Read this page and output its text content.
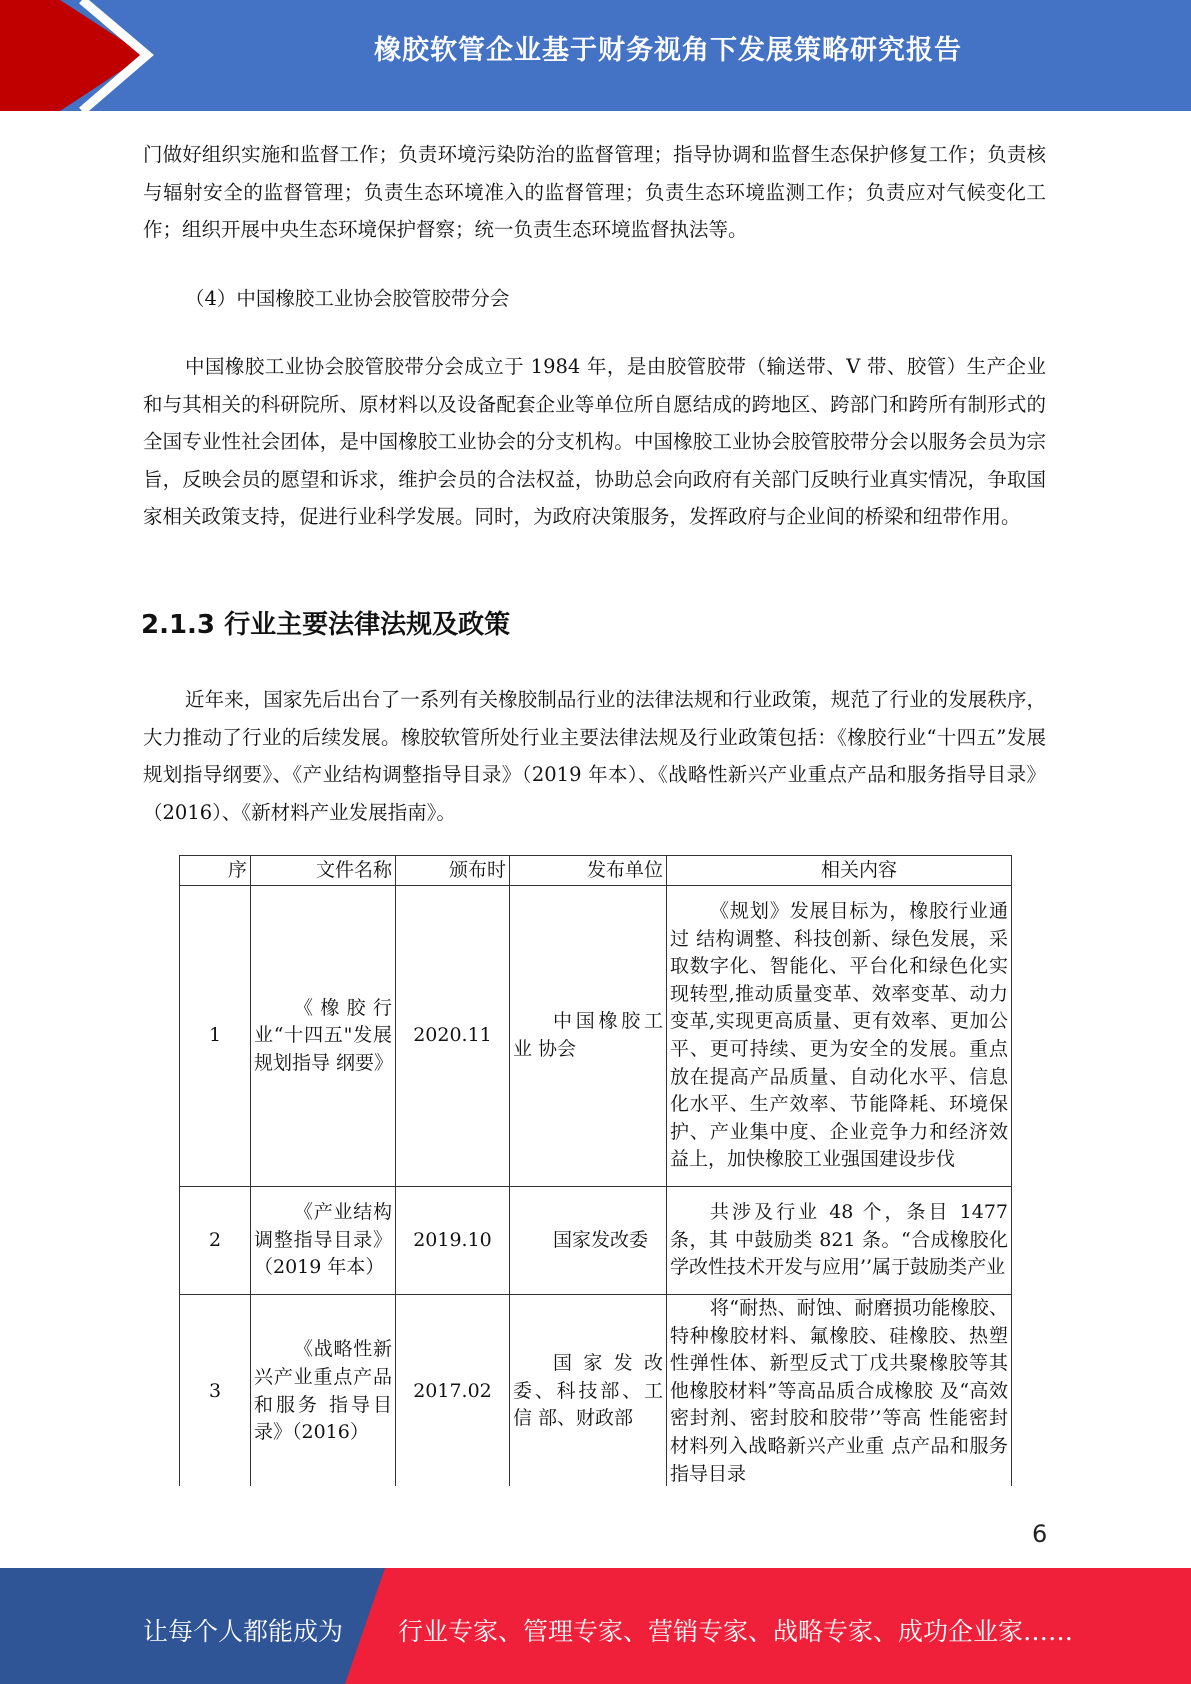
橡胶软管企业基于财务视角下发展策略研究报告

门做好组织实施和监督工作；负责环境污染防治的监督管理；指导协调和监督生态保护修复工作；负责核与辐射安全的监督管理；负责生态环境准入的监督管理；负责生态环境监测工作；负责应对气候变化工作；组织开展中央生态环境保护督察；统一负责生态环境监督执法等。

（4）中国橡胶工业协会胶管胶带分会

中国橡胶工业协会胶管胶带分会成立于 1984 年，是由胶管胶带（输送带、V 带、胶管）生产企业和与其相关的科研院所、原材料以及设备配套企业等单位所自愿结成的跨地区、跨部门和跨所有制形式的全国专业性社会团体，是中国橡胶工业协会的分支机构。中国橡胶工业协会胶管胶带分会以服务会员为宗旨，反映会员的愿望和诉求，维护会员的合法权益，协助总会向政府有关部门反映行业真实情况，争取国家相关政策支持，促进行业科学发展。同时，为政府决策服务，发挥政府与企业间的桥梁和纽带作用。

2.1.3 行业主要法律法规及政策

近年来，国家先后出台了一系列有关橡胶制品行业的法律法规和行业政策，规范了行业的发展秩序，大力推动了行业的后续发展。橡胶软管所处行业主要法律法规及行业政策包括：《橡胶行业“十四五”发展规划指导纲要》、《产业结构调整指导目录》（2019 年本）、《战略性新兴产业重点产品和服务指导目录》（2016）、《新材料产业发展指南》。

序	文件名称	颁布时	发布单位	相关内容
1	《橡胶行业“十四五"发展规划指导 纲要》	2020.11	中国橡胶工业 协会	《规划》发展目标为，橡胶行业通过 结构调整、科技创新、绿色发展，采取数字化、智能化、平台化和绿色化实现转型,推动质量变革、效率变革、动力变革,实现更高质量、更有效率、更加公平、更可持续、更为安全的发展。重点放在提高产品质量、自动化水平、信息化水平、生产效率、节能降耗、环境保护、产业集中度、企业竞争力和经济效益上，加快橡胶工业强国建设步伐
2	《产业结构 调整指导目录》（2019 年本）	2019.10	国家发改委	共涉及行业 48 个，条目 1477 条，其 中鼓励类 821 条。“合成橡胶化学改性技术开发与应用’’属于鼓励类产业
3	《战略性新 兴产业重点产品和服务 指导目录》（2016）	2017.02	国家发改委、科技部、工信 部、财政部	将“耐热、耐蚀、耐磨损功能橡胶、特种橡胶材料、氟橡胶、硅橡胶、热塑性弹性体、新型反式丁戊共聚橡胶等其他橡胶材料”等高品质合成橡胶 及“高效密封剂、密封胶和胶带’’等高 性能密封材料列入战略新兴产业重 点产品和服务指导目录
6
让每个人都能成为 行业专家、管理专家、营销专家、战略专家、成功企业家……
